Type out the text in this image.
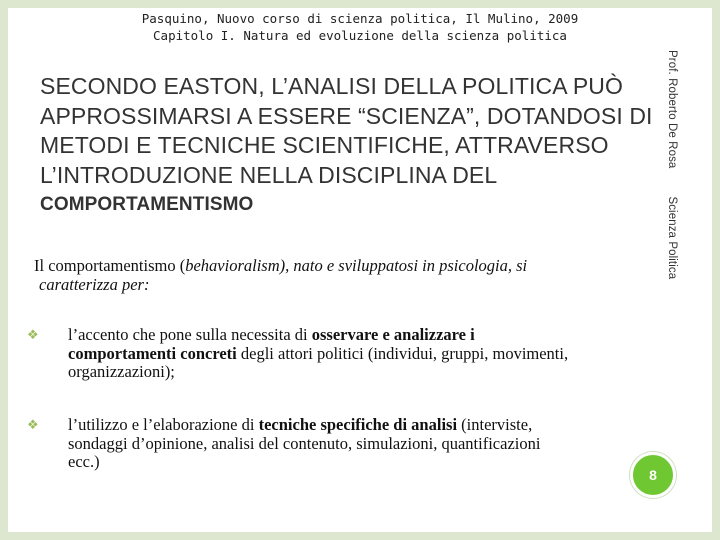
Pasquino, Nuovo corso di scienza politica, Il Mulino, 2009
Capitolo I. Natura ed evoluzione della scienza politica
SECONDO EASTON, L’ANALISI DELLA POLITICA PUÒ
APPROSSIMARSI A ESSERE “SCIENZA”, DOTANDOSI DI
METODI E TECNICHE SCIENTIFICHE, ATTRAVERSO
L’INTRODUZIONE NELLA DISCIPLINA DEL
COMPORTAMENTISMO
Il comportamentismo (behavioralism), nato e sviluppatosi in psicologia, si
caratterizza per:
❖ l’accento che pone sulla necessita di osservare e analizzare i
comportamenti concreti degli attori politici (individui, gruppi, movimenti,
organizzazioni);
❖ l’utilizzo e l’elaborazione di tecniche specifiche di analisi (interviste,
sondaggi d’opinione, analisi del contenuto, simulazioni, quantificazioni
ecc.)
Prof. Roberto De RosaScienza Politica
8
